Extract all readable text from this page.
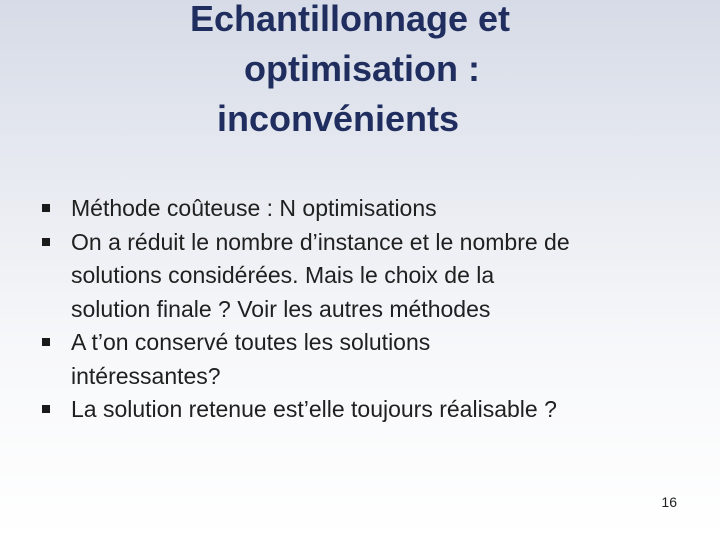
Echantillonnage et
optimisation :
inconvénients
Méthode coûteuse : N optimisations
On a réduit le nombre d’instance et le nombre de
solutions considérées. Mais le choix de la
solution finale ? Voir les autres méthodes
A t’on conservé toutes les solutions
intéressantes?
La solution retenue est’elle toujours réalisable ?
16
